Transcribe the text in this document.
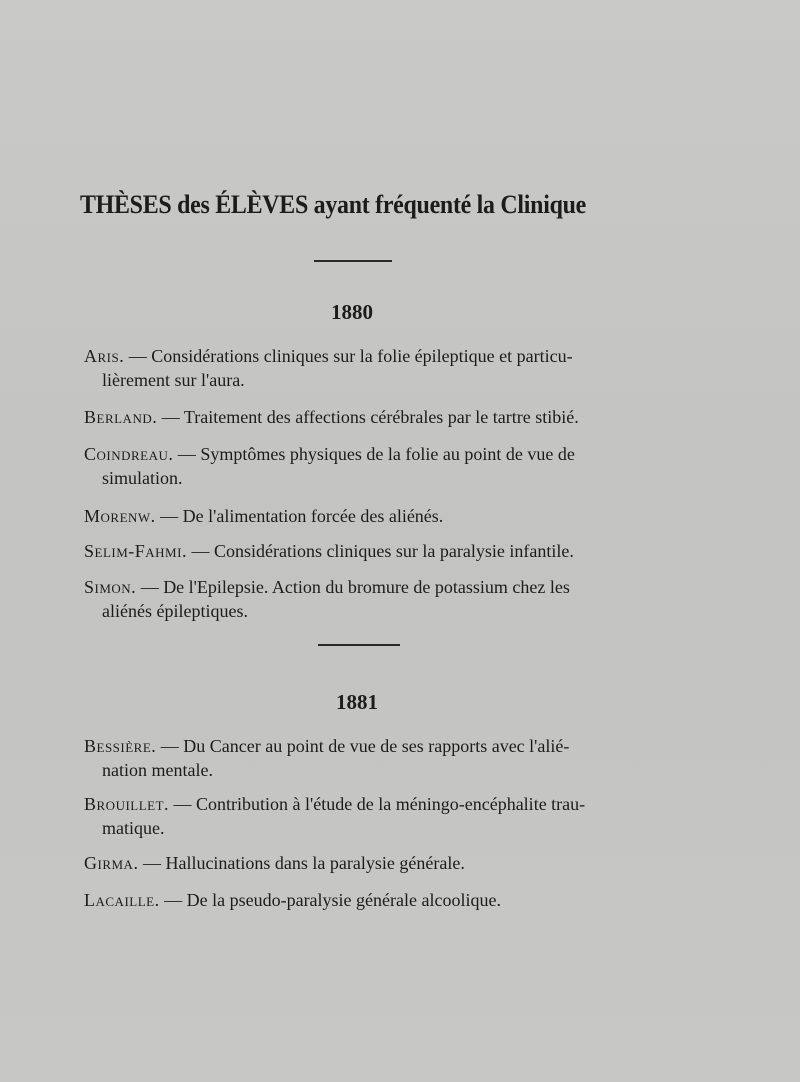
THÈSES des ÉLÈVES ayant fréquenté la Clinique
1880
Aris. — Considérations cliniques sur la folie épileptique et particu-
lièrement sur l'aura.
Berland. — Traitement des affections cérébrales par le tartre stibié.
Coindreau. — Symptômes physiques de la folie au point de vue de
simulation.
Morenw. — De l'alimentation forcée des aliénés.
Selim-Fahmi. — Considérations cliniques sur la paralysie infantile.
Simon. — De l'Epilepsie. Action du bromure de potassium chez les
aliénés épileptiques.
1881
Bessière. — Du Cancer au point de vue de ses rapports avec l'alié-
nation mentale.
Brouillet. — Contribution à l'étude de la méningo-encéphalite trau-
matique.
Girma. — Hallucinations dans la paralysie générale.
Lacaille. — De la pseudo-paralysie générale alcoolique.
